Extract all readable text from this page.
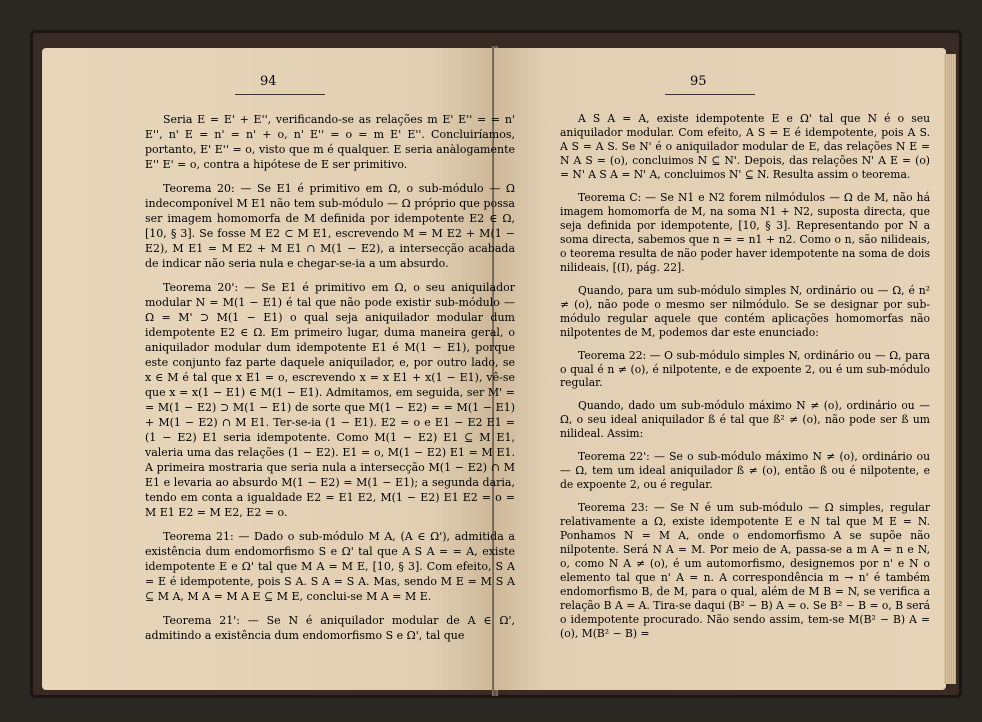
94

Seria E = E' + E'', verificando-se as relações m E' E'' = = n' E'', n' E = n' = n' + o, n' E'' = o = m E' E''. Concluiríamos, portanto, E' E'' = o, visto que m é qualquer. E seria anàlogamente E'' E' = o, contra a hipótese de E ser primitivo.

Teorema 20: — Se E1 é primitivo em Ω, o sub-módulo — Ω indecomponível M E1 não tem sub-módulo — Ω próprio que possa ser imagem homomorfa de M definida por idempotente E2 ∈ Ω, [10, § 3]. Se fosse M E2 ⊂ M E1, escrevendo M = M E2 + M(1 − E2), M E1 = M E2 + M E1 ∩ M(1 − E2), a intersecção acabada de indicar não seria nula e chegar-se-ia a um absurdo.

Teorema 20': — Se E1 é primitivo em Ω, o seu aniquilador modular N = M(1 − E1) é tal que não pode existir sub-módulo — Ω = M' ⊃ M(1 − E1) o qual seja aniquilador modular dum idempotente E2 ∈ Ω. Em primeiro lugar, duma maneira geral, o aniquilador modular dum idempotente E1 é M(1 − E1), porque este conjunto faz parte daquele aniquilador, e, por outro lado, se x ∈ M é tal que x E1 = o, escrevendo x = x E1 + x(1 − E1), vê-se que x = x(1 − E1) ∈ M(1 − E1). Admitamos, em seguida, ser M' = = M(1 − E2) ⊃ M(1 − E1) de sorte que M(1 − E2) = = M(1 − E1) + M(1 − E2) ∩ M E1. Ter-se-ia (1 − E1). E2 = o e E1 − E2 E1 = (1 − E2) E1 seria idempotente. Como M(1 − E2) E1 ⊆ M E1, valeria uma das relações (1 − E2). E1 = o, M(1 − E2) E1 = M E1. A primeira mostraria que seria nula a intersecção M(1 − E2) ∩ M E1 e levaria ao absurdo M(1 − E2) = M(1 − E1); a segunda daria, tendo em conta a igualdade E2 = E1 E2, M(1 − E2) E1 E2 = o = M E1 E2 = M E2, E2 = o.

Teorema 21: — Dado o sub-módulo M A, (A ∈ Ω'), admitida a existência dum endomorfismo S e Ω' tal que A S A = = A, existe idempotente E e Ω' tal que M A = M E, [10, § 3]. Com efeito, S A = E é idempotente, pois S A. S A = S A. Mas, sendo M E = M S A ⊆ M A, M A = M A E ⊆ M E, conclui-se M A = M E.

Teorema 21': — Se N é aniquilador modular de A ∈ Ω', admitindo a existência dum endomorfismo S e Ω', tal que

95

A S A = A, existe idempotente E e Ω' tal que N é o seu aniquilador modular. Com efeito, A S = E é idempotente, pois A S. A S = A S. Se N' é o aniquilador modular de E, das relações N E = N A S = (o), concluimos N ⊆ N'. Depois, das relações N' A E = (o) = N' A S A = N' A, concluimos N' ⊆ N. Resulta assim o teorema.

Teorema C: — Se N1 e N2 forem nilmódulos — Ω de M, não há imagem homomorfa de M, na soma N1 + N2, suposta directa, que seja definida por idempotente, [10, § 3]. Representando por N a soma directa, sabemos que n = = n1 + n2. Como o n, são nilideais, o teorema resulta de não poder haver idempotente na soma de dois nilideais, [(I), pág. 22].

Quando, para um sub-módulo simples N, ordinário ou — Ω, é n² ≠ (o), não pode o mesmo ser nilmódulo. Se se designar por sub-módulo regular aquele que contém aplicações homomorfas não nilpotentes de M, podemos dar este enunciado:

Teorema 22: — O sub-módulo simples N, ordinário ou — Ω, para o qual é n ≠ (o), é nilpotente, e de expoente 2, ou é um sub-módulo regular.

Quando, dado um sub-módulo máximo N ≠ (o), ordinário ou — Ω, o seu ideal aniquilador ß é tal que ß² ≠ (o), não pode ser ß um nilideal. Assim:

Teorema 22': — Se o sub-módulo máximo N ≠ (o), ordinário ou — Ω, tem um ideal aniquilador ß ≠ (o), então ß ou é nilpotente, e de expoente 2, ou é regular.

Teorema 23: — Se N é um sub-módulo — Ω simples, regular relativamente a Ω, existe idempotente E e N tal que M E = N. Ponhamos N = M A, onde o endomorfismo A se supõe não nilpotente. Será N A = M. Por meio de A, passa-se a m A = n e N, o, como N A ≠ (o), é um automorfismo, designemos por n' e N o elemento tal que n' A = n. A correspondência m → n' é também endomorfismo B, de M, para o qual, além de M B = N, se verifica a relação B A = A. Tira-se daqui (B² − B) A = o. Se B² − B = o, B será o idempotente procurado. Não sendo assim, tem-se M(B² − B) A = (o), M(B² − B) =
